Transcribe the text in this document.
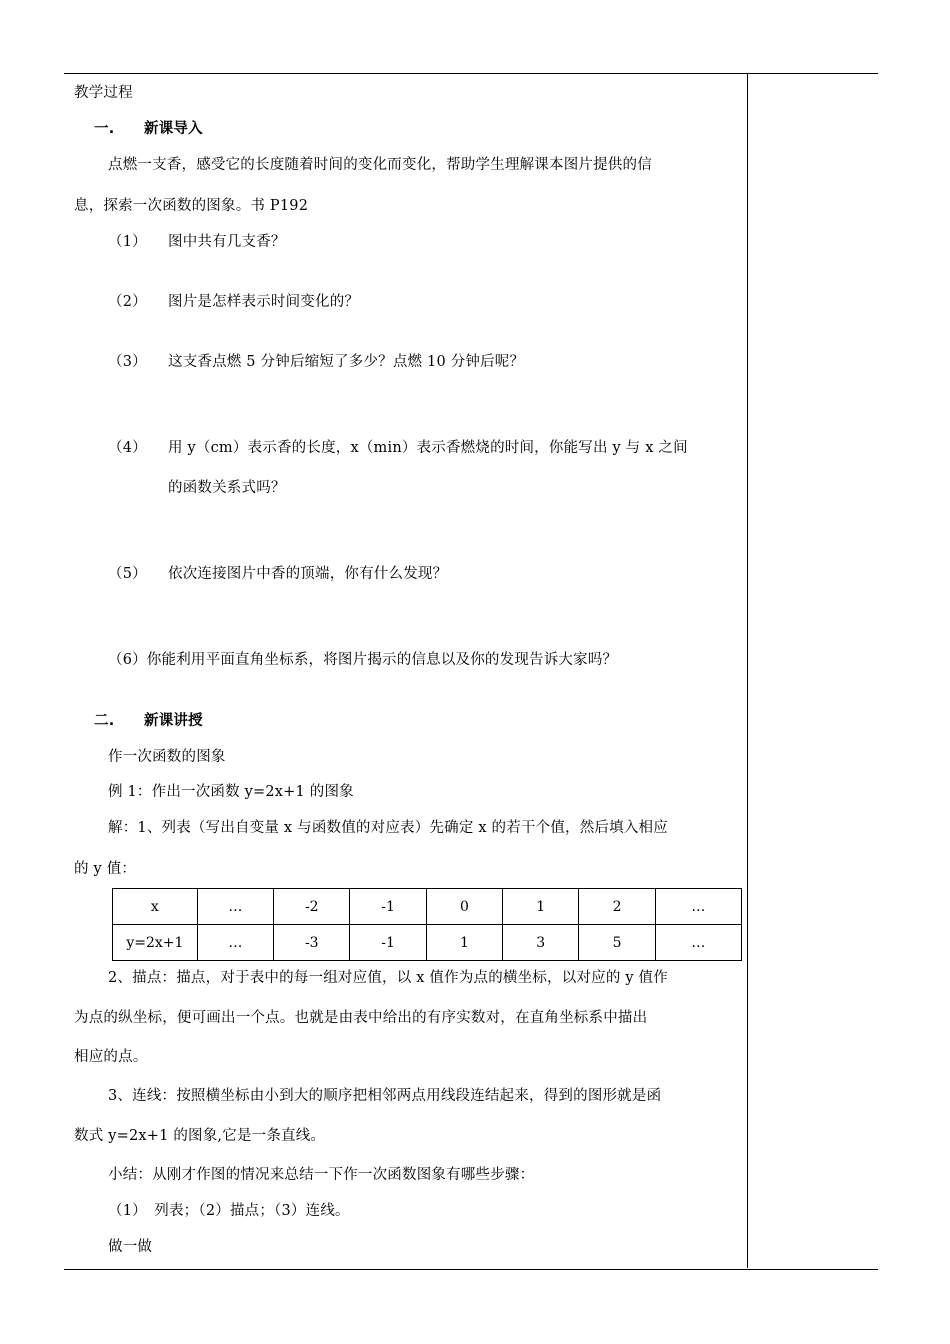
教学过程
一. 新课导入
点燃一支香，感受它的长度随着时间的变化而变化，帮助学生理解课本图片提供的信
息，探索一次函数的图象。书 P192
（1） 图中共有几支香？
（2） 图片是怎样表示时间变化的？
（3） 这支香点燃 5 分钟后缩短了多少？点燃 10 分钟后呢？
（4） 用 y（cm）表示香的长度，x（min）表示香燃烧的时间，你能写出 y 与 x 之间
的函数关系式吗？
（5） 依次连接图片中香的顶端，你有什么发现？
（6）你能利用平面直角坐标系，将图片揭示的信息以及你的发现告诉大家吗？
二. 新课讲授
作一次函数的图象
例 1：作出一次函数 y=2x+1 的图象
解：1、列表（写出自变量 x 与函数值的对应表）先确定 x 的若干个值，然后填入相应
的 y 值：
x	…	-2	-1	0	1	2	…
y=2x+1	…	-3	-1	1	3	5	…
2、描点：描点，对于表中的每一组对应值，以 x 值作为点的横坐标，以对应的 y 值作
为点的纵坐标，便可画出一个点。也就是由表中给出的有序实数对，在直角坐标系中描出
相应的点。
3、连线：按照横坐标由小到大的顺序把相邻两点用线段连结起来，得到的图形就是函
数式 y=2x+1 的图象,它是一条直线。
小结：从刚才作图的情况来总结一下作一次函数图象有哪些步骤：
（1）　列表；（2）描点；（3）连线。
做一做
